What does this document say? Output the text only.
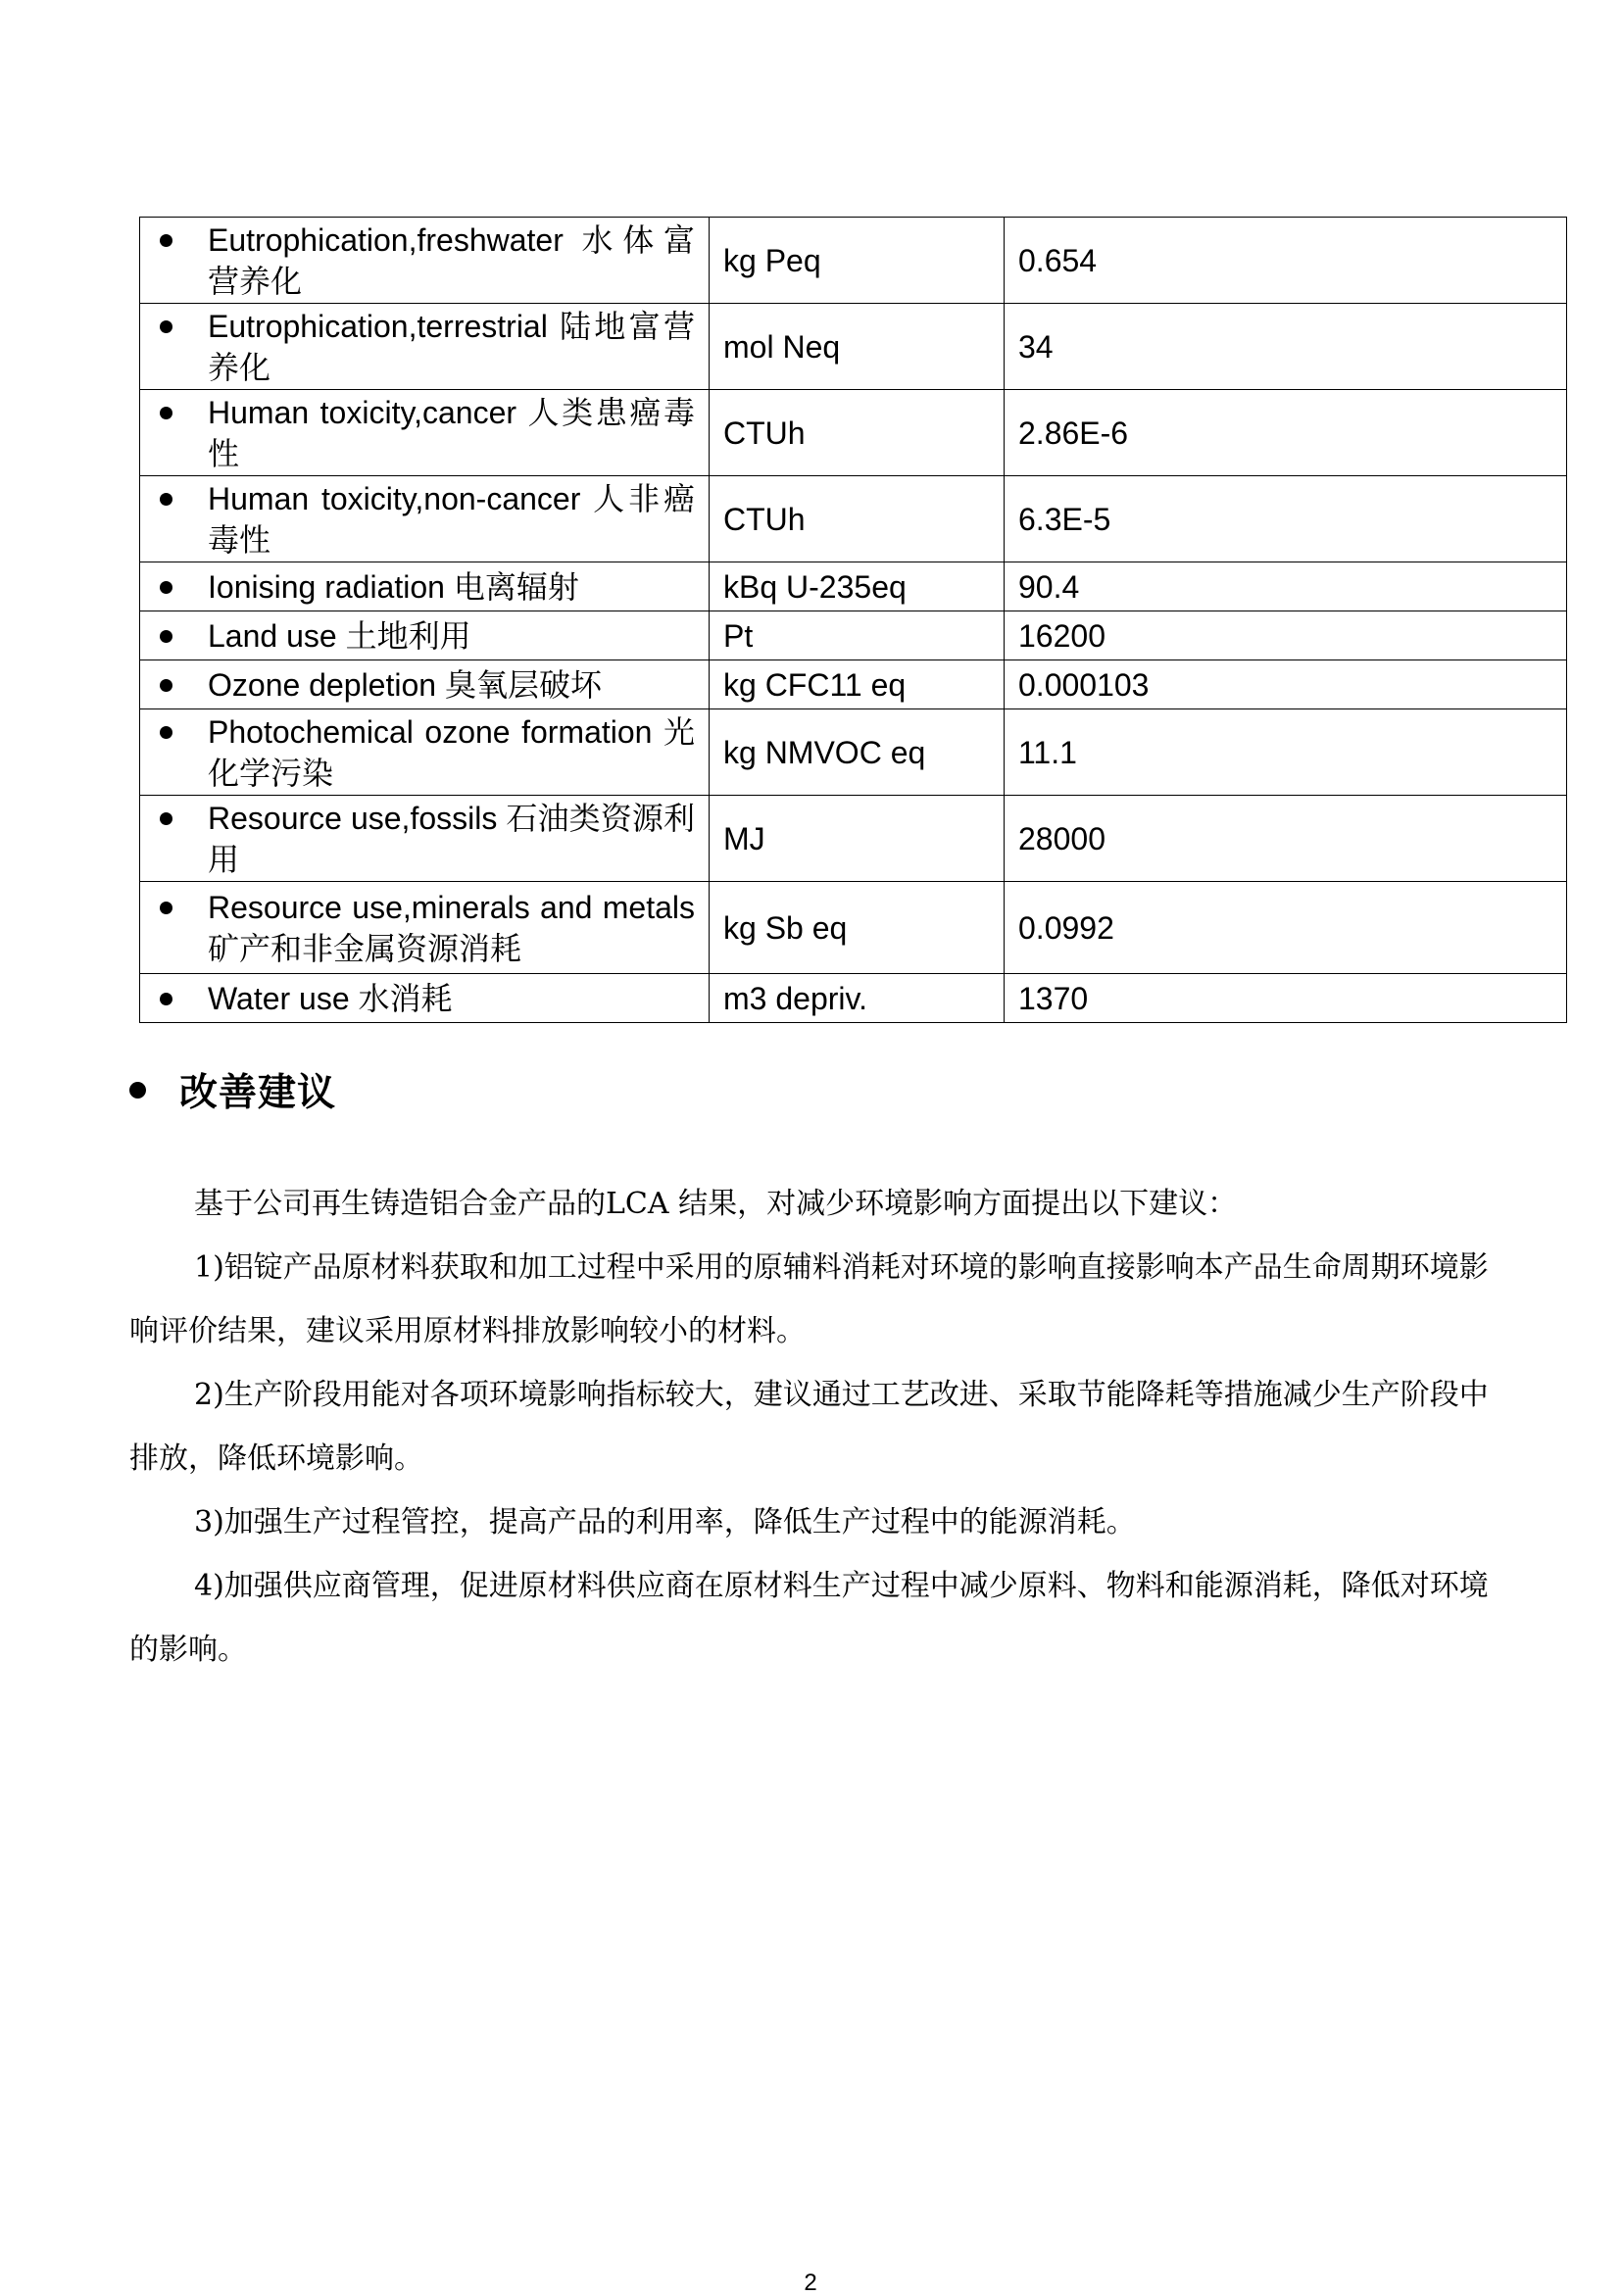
Eutrophication,freshwater 水体富营养化	kg Peq	0.654

Eutrophication,terrestrial 陆地富营养化	mol Neq	34

Human toxicity,cancer 人类患癌毒性	CTUh	2.86E-6

Human toxicity,non-cancer 人非癌毒性	CTUh	6.3E-5

Ionising radiation 电离辐射	kBq U-235eq	90.4

Land use 土地利用	Pt	16200

Ozone depletion 臭氧层破坏	kg CFC11 eq	0.000103

Photochemical ozone formation 光化学污染	kg NMVOC eq	11.1

Resource use,fossils 石油类资源利用	MJ	28000

Resource use,minerals and metals 矿产和非金属资源消耗	kg Sb eq	0.0992

Water use 水消耗	m3 depriv.	1370
改善建议

基于公司再生铸造铝合金产品的LCA 结果，对减少环境影响方面提出以下建议：

1)铝锭产品原材料获取和加工过程中采用的原辅料消耗对环境的影响直接影响本产品生命周期环境影响评价结果，建议采用原材料排放影响较小的材料。

2)生产阶段用能对各项环境影响指标较大，建议通过工艺改进、采取节能降耗等措施减少生产阶段中排放，降低环境影响。

3)加强生产过程管控，提高产品的利用率，降低生产过程中的能源消耗。

4)加强供应商管理，促进原材料供应商在原材料生产过程中减少原料、物料和能源消耗，降低对环境的影响。

2
